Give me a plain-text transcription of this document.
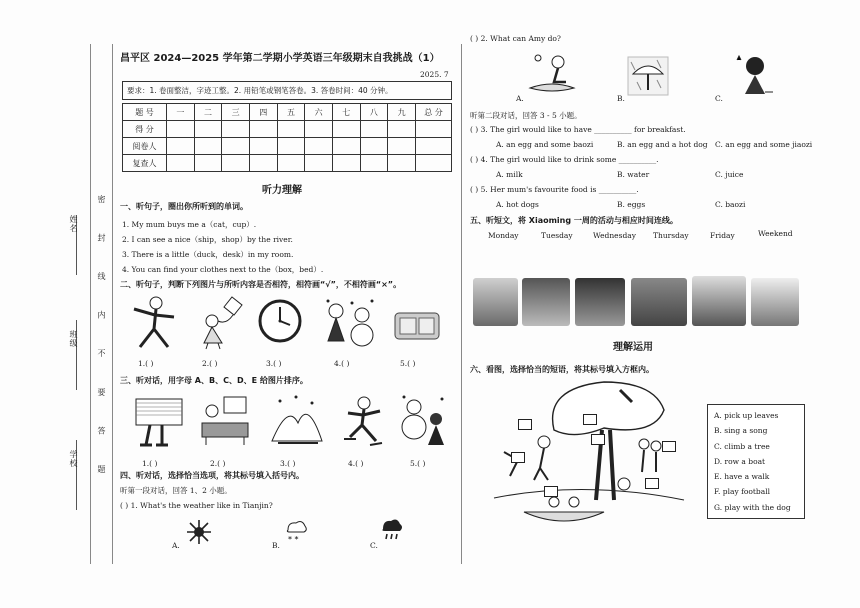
姓名
班级
学校 密 封 线 内 不 要 答 题
昌平区 2024—2025 学年第二学期小学英语三年级期末自我挑战（1）
2025. 7
要求：1. 卷面整洁，字迹工整。2. 用铅笔或钢笔答卷。3. 答卷时间：40 分钟。
题 号	一	二	三	四	五	六	七	八	九	总 分
得 分										
阅卷人										
复查人										
听力理解
一、听句子，圈出你所听到的单词。
1. My mum buys me a（cat，cup）.
2. I can see a nice（ship，shop）by the river.
3. There is a little（duck，desk）in my room.
4. You can find your clothes next to the（box，bed）.
二、听句子，判断下列图片与所听内容是否相符，相符画“√”，不相符画“×”。
1.( )	2.( )	3.( )	4.( )	5.( )
三、听对话，用字母 A、B、C、D、E 给图片排序。
1.( )	2.( )	3.( )	4.( )	5.( )
四、听对话，选择恰当选项，将其标号填入括号内。
听第一段对话，回答 1、2 小题。
( ) 1. What's the weather like in Tianjin?
A.	B.
* *
C.
( ) 2. What can Amy do?
A.	B.	C.
听第二段对话，回答 3 - 5 小题。
( ) 3. The girl would like to have __________ for breakfast.
A. an egg and some baozi	B. an egg and a hot dog C. an egg and some jiaozi
( ) 4. The girl would like to drink some __________.
A. milk	B. water	C. juice
( ) 5. Her mum's favourite food is __________.
A. hot dogs	B. eggs	C. baozi
五、听短文，将 Xiaoming 一周的活动与相应时间连线。
Monday	Tuesday	Wednesday Thursday	Friday	Weekend
理解运用
六、看图，选择恰当的短语，将其标号填入方框内。
A. pick up leaves
B. sing a song
C. climb a tree
D. row a boat
E. have a walk
F. play football
G. play with the dog
